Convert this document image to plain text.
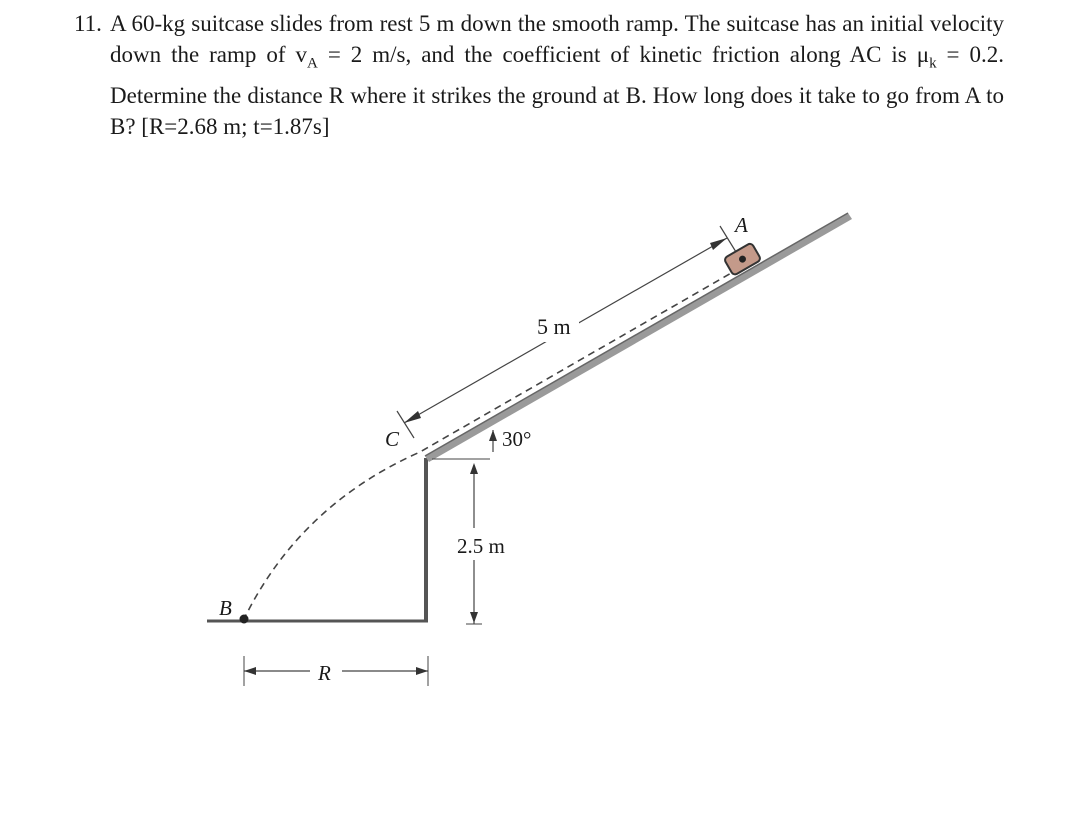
11. A 60-kg suitcase slides from rest 5 m down the smooth ramp. The suitcase has an initial velocity down the ramp of $v_A = 2$ m/s, and the coefficient of kinetic friction along AC is $\mu_k = 0.2$. Determine the distance R where it strikes the ground at B. How long does it take to go from A to B? [R=2.68 m; t=1.87s]
A
B
C
R
5 m
30°
2.5 m
